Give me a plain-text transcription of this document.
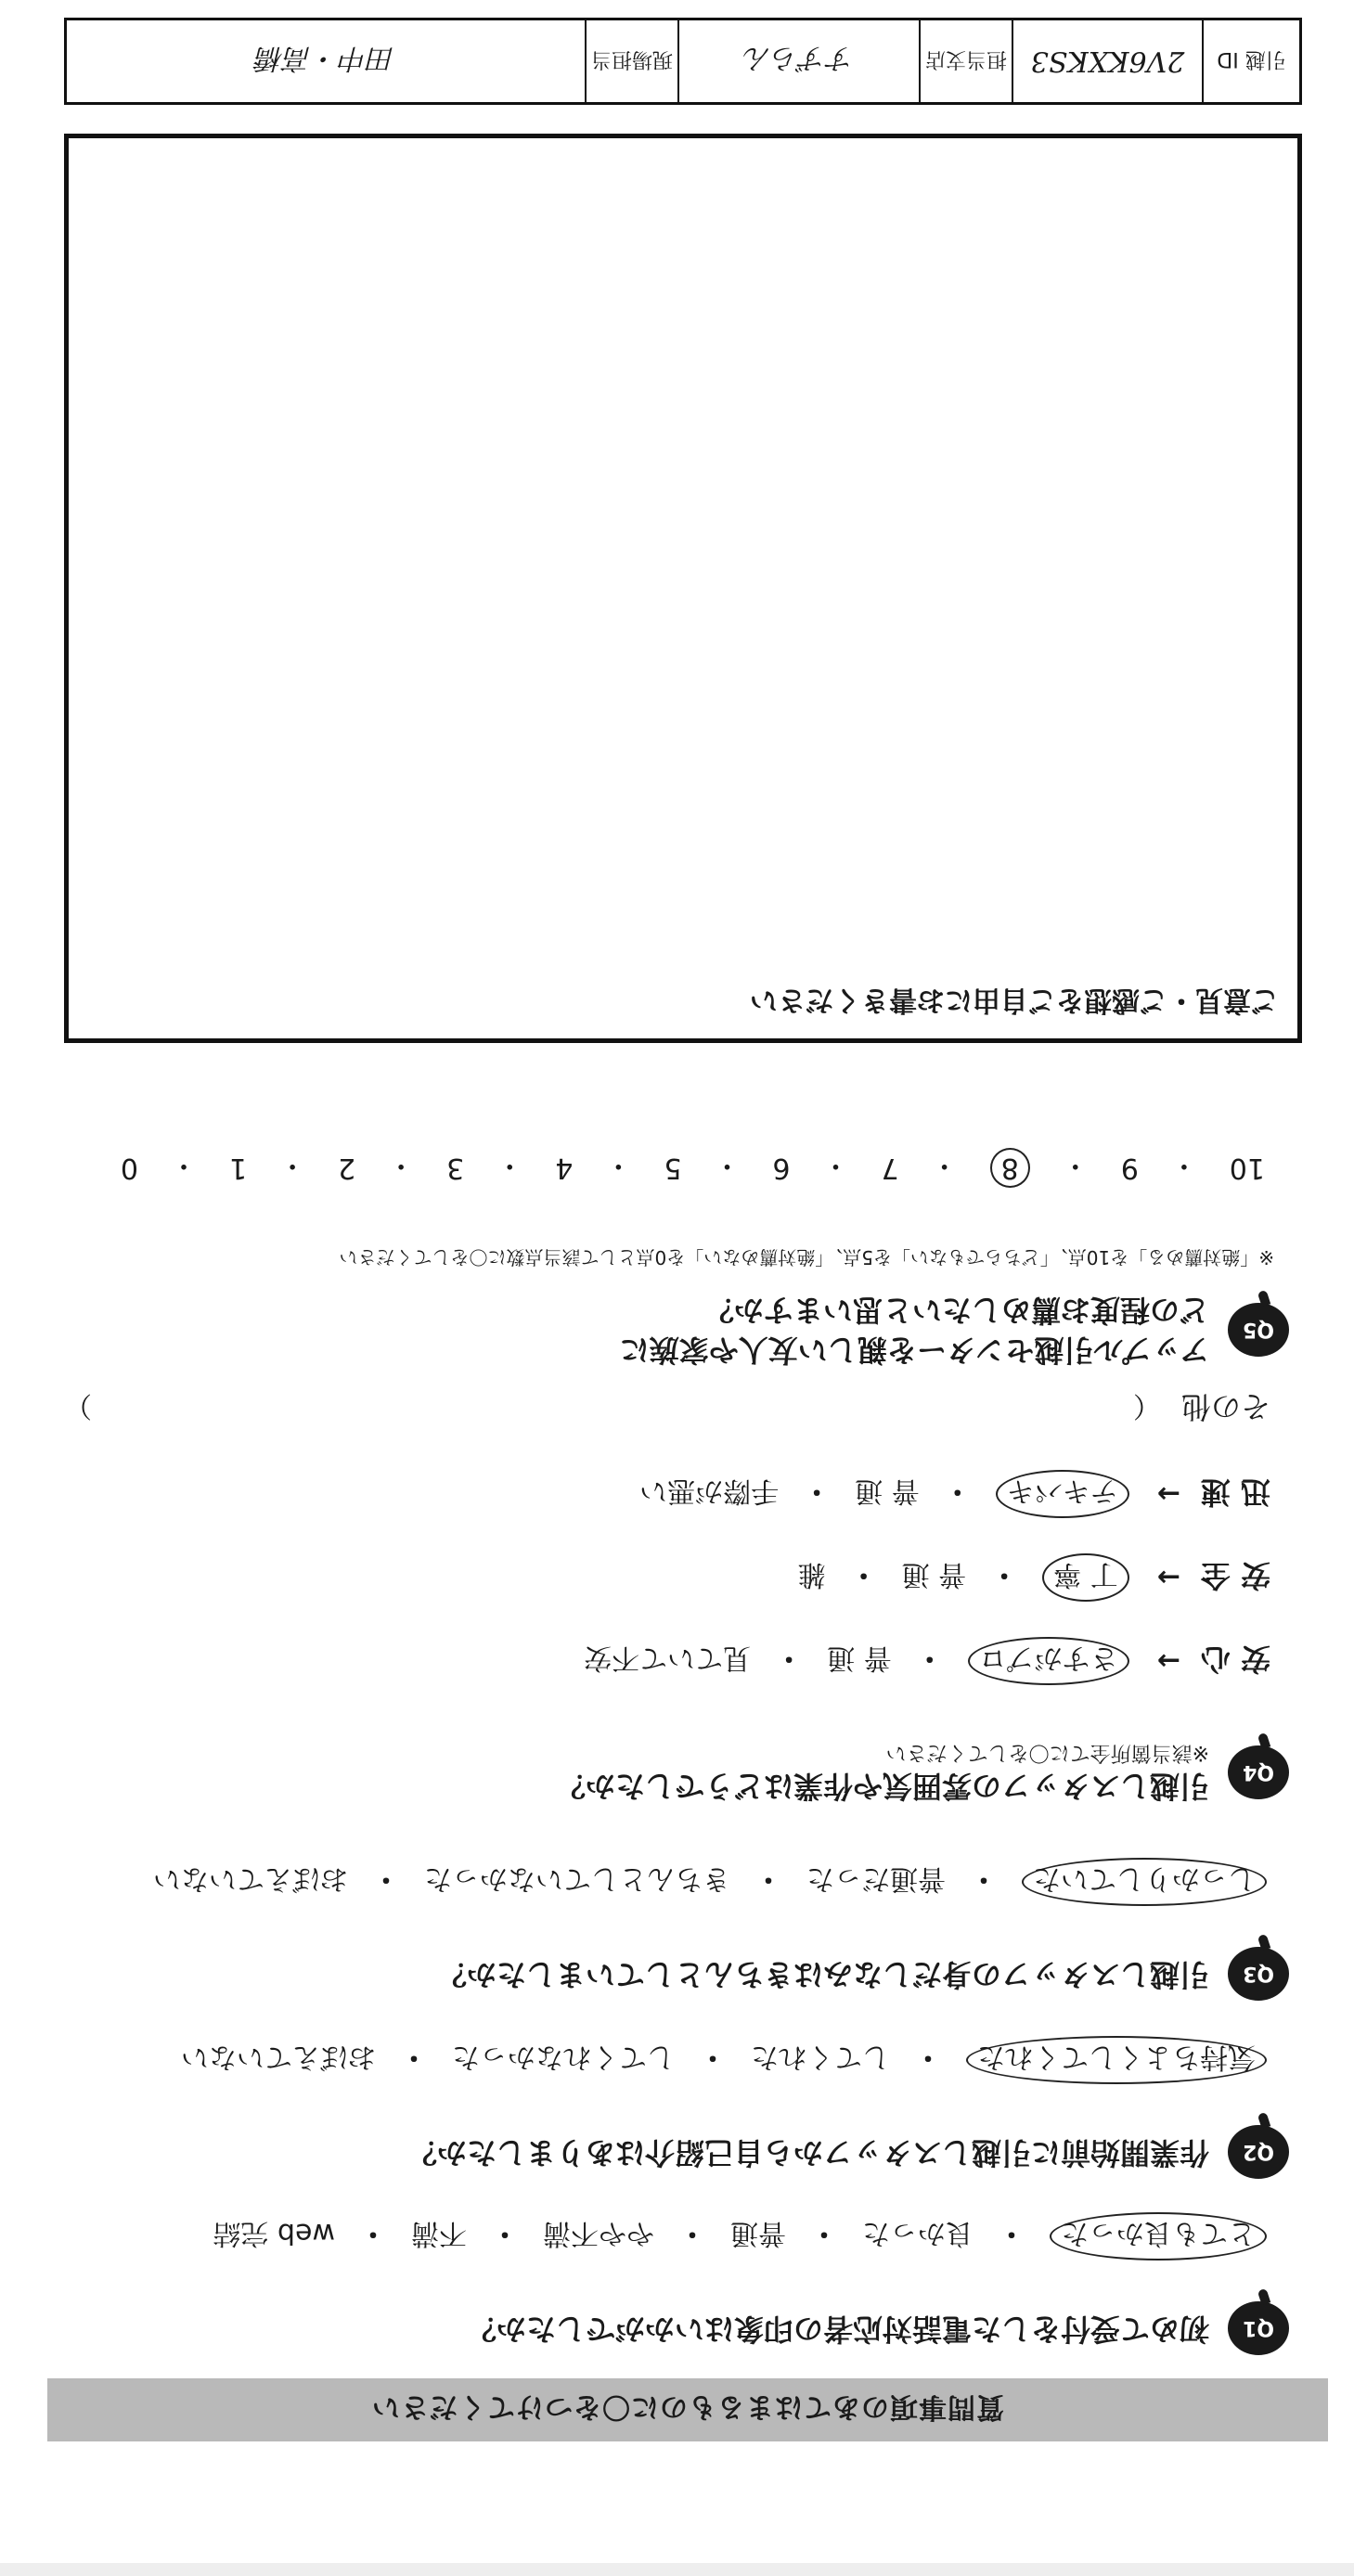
質問事項のあてはまるものに〇をつけてください
Q1
初めて受付をした電話対応者の印象はいかがでしたか？
とても良かった
・
良かった
・
普通
・
やや不満
・
不満
・
web 完結
Q2
作業開始前に引越しスタッフから自己紹介はありましたか？
気持ちよくしてくれた
・
してくれた
・
してくれなかった
・
おぼえていない
Q3
引越しスタッフの身だしなみはきちんとしていましたか？
しっかりしていた
・
普通だった
・
きちんとしていなかった
・
おぼえていない
Q4
引越しスタッフの雰囲気や作業はどうでしたか？
※該当箇所全てに〇をしてください
安 心
→
さすがプロ
・
普 通
・
見ていて不安
安 全
→
丁 寧
・
普 通
・
雑
迅 速
→
テキパキ
・
普 通
・
手際が悪い
その他
（
）
Q5
アップル引越センターを親しい友人や家族に
どの程度お薦めしたいと思いますか？
※「絶対薦める」を10点、「どちらでもない」を5点、「絶対薦めない」を0点として該当点数に〇をしてください
10
・
9
・
8
・
7
・
6
・
5
・
4
・
3
・
2
・
1
・
0
ご意見・ご感想をご自由にお書きください
引越 ID
2V6KXKS3
担当支店
すずらん
現場担当
田中・高橋
